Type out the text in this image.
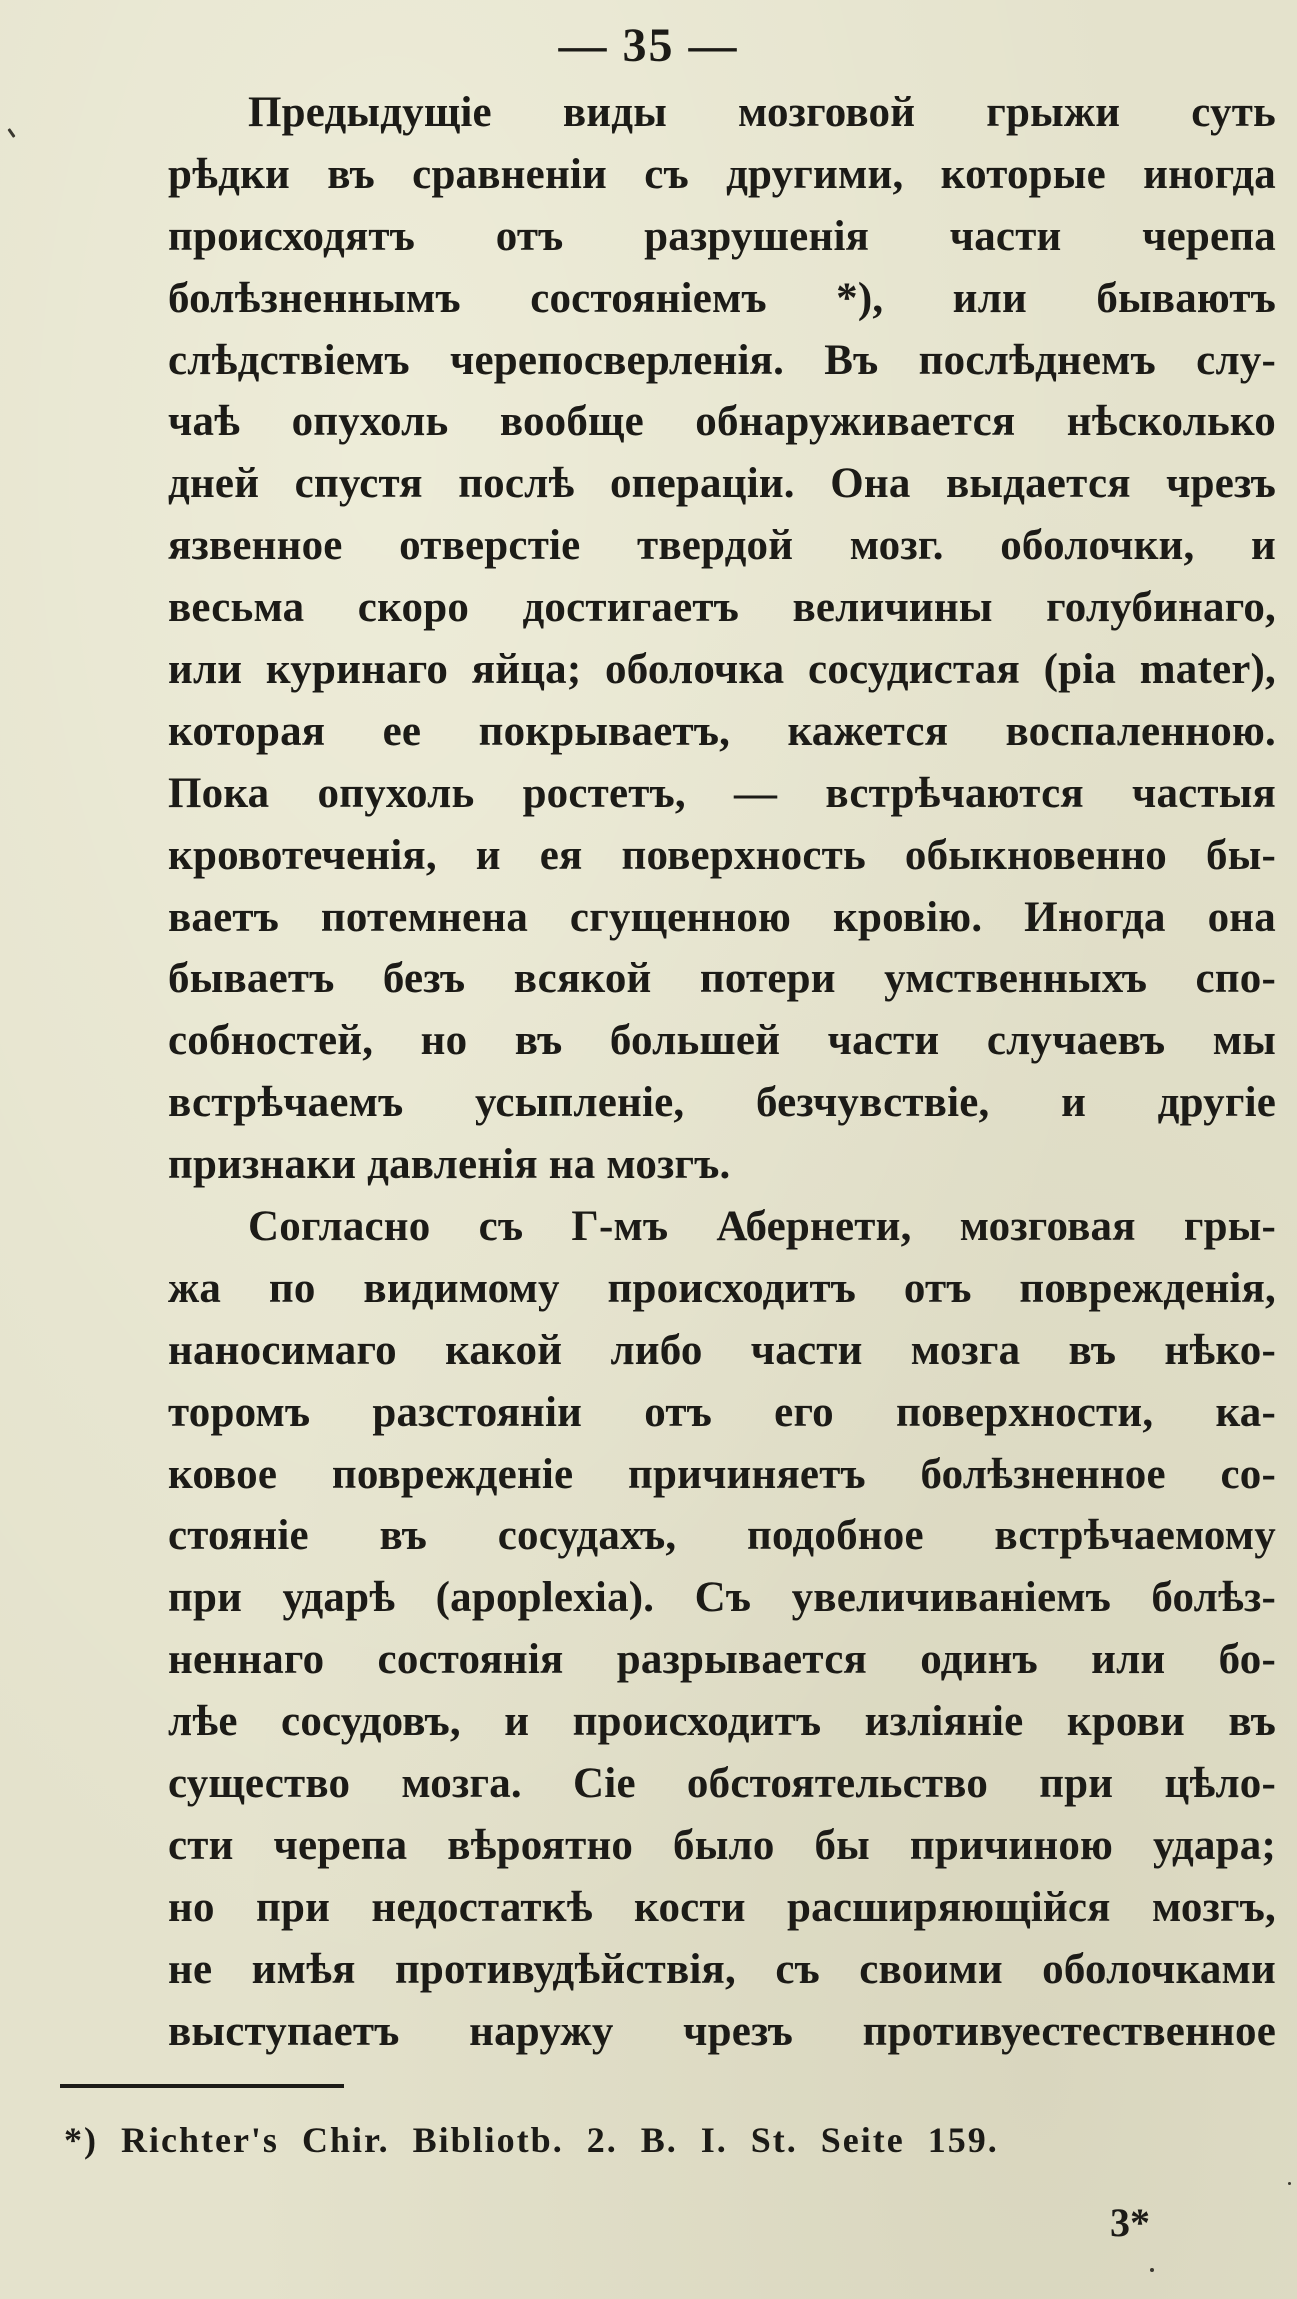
— 35 —
Предыдущіе виды мозговой грыжи суть
рѣдки въ сравненіи съ другими, которые иногда
происходятъ отъ разрушенія части черепа
болѣзненнымъ состояніемъ *), или бываютъ
слѣдствіемъ черепосверленія. Въ послѣднемъ слу-
чаѣ опухоль вообще обнаруживается нѣсколько
дней спустя послѣ операціи. Она выдается чрезъ
язвенное отверстіе твердой мозг. оболочки, и
весьма скоро достигаетъ величины голубинаго,
или куринаго яйца; оболочка сосудистая (pia mater),
которая ее покрываетъ, кажется воспаленною.
Пока опухоль ростетъ, — встрѣчаются частыя
кровотеченія, и ея поверхность обыкновенно бы-
ваетъ потемнена сгущенною кровію. Иногда она
бываетъ безъ всякой потери умственныхъ спо-
собностей, но въ большей части случаевъ мы
встрѣчаемъ усыпленіе, безчувствіе, и другіе
признаки давленія на мозгъ.
Согласно съ Г-мъ Абернети, мозговая гры-
жа по видимому происходитъ отъ поврежденія,
наносимаго какой либо части мозга въ нѣко-
торомъ разстояніи отъ его поверхности, ка-
ковое поврежденіе причиняетъ болѣзненное со-
стояніе въ сосудахъ, подобное встрѣчаемому
при ударѣ (apoplexia). Съ увеличиваніемъ болѣз-
неннаго состоянія разрывается одинъ или бо-
лѣе сосудовъ, и происходитъ изліяніе крови въ
существо мозга. Сіе обстоятельство при цѣло-
сти черепа вѣроятно было бы причиною удара;
но при недостаткѣ кости расширяющійся мозгъ,
не имѣя противудѣйствія, съ своими оболочками
выступаетъ наружу чрезъ противуестественное
*) Richter's Chir. Bibliotb. 2. B. I. St. Seite 159.
3*
